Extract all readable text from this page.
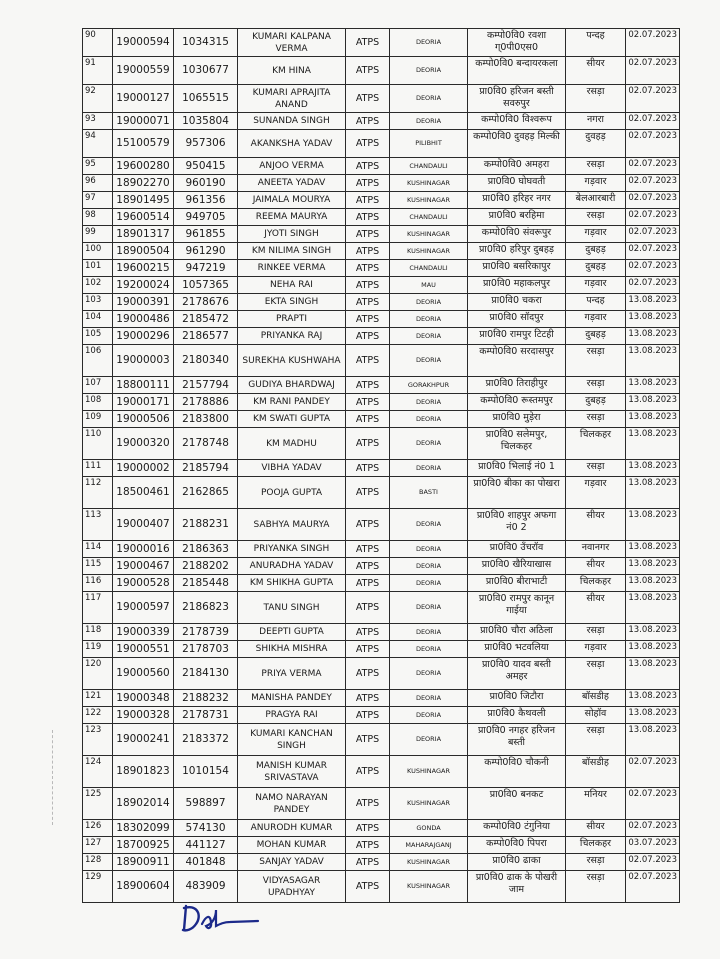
90	19000594	1034315	KUMARI KALPANA VERMA	ATPS	DEORIA	कम्पो0वि0 रवशा ग्0पी0एस0	पन्दह	02.07.2023
91	19000559	1030677	KM HINA	ATPS	DEORIA	कम्पो0वि0 बन्दायरकला	सीयर	02.07.2023
92	19000127	1065515	KUMARI APRAJITA ANAND	ATPS	DEORIA	प्रा0वि0 हरिजन बस्ती सवरुपुर	रसड़ा	02.07.2023
93	19000071	1035804	SUNANDA SINGH	ATPS	DEORIA	कम्पो0वि0 विश्वरूप	नगरा	02.07.2023
94	15100579	957306	AKANKSHA YADAV	ATPS	PILIBHIT	कम्पो0वि0 दुवहड़ मिल्की	दुवहड़	02.07.2023
95	19600280	950415	ANJOO VERMA	ATPS	CHANDAULI	कम्पो0वि0 अमहरा	रसड़ा	02.07.2023
96	18902270	960190	ANEETA YADAV	ATPS	KUSHINAGAR	प्रा0वि0 घोघवती	गड़वार	02.07.2023
97	18901495	961356	JAIMALA MOURYA	ATPS	KUSHINAGAR	प्रा0वि0 हरिहर नगर	बेलआरबारी	02.07.2023
98	19600514	949705	REEMA MAURYA	ATPS	CHANDAULI	प्रा0वि0 बरहिमा	रसड़ा	02.07.2023
99	18901317	961855	JYOTI SINGH	ATPS	KUSHINAGAR	कम्पो0वि0 संवरूपुर	गड़वार	02.07.2023
100	18900504	961290	KM NILIMA SINGH	ATPS	KUSHINAGAR	प्रा0वि0 हरिपुर दुबहड़	दुबहड़	02.07.2023
101	19600215	947219	RINKEE VERMA	ATPS	CHANDAULI	प्रा0वि0 बसरिकापुर	दुबहड़	02.07.2023
102	19200024	1057365	NEHA RAI	ATPS	MAU	प्रा0वि0 महाकलपुर	गड़वार	02.07.2023
103	19000391	2178676	EKTA SINGH	ATPS	DEORIA	प्रा0वि0 चकरा	पन्दह	13.08.2023
104	19000486	2185472	PRAPTI	ATPS	DEORIA	प्रा0वि0 सॉदपुर	गड़वार	13.08.2023
105	19000296	2186577	PRIYANKA RAJ	ATPS	DEORIA	प्रा0वि0 रामपुर टिटही	दुबहड़	13.08.2023
106	19000003	2180340	SUREKHA KUSHWAHA	ATPS	DEORIA	कम्पो0वि0 सरदासपुर	रसड़ा	13.08.2023
107	18800111	2157794	GUDIYA BHARDWAJ	ATPS	GORAKHPUR	प्रा0वि0 तिराहीपुर	रसड़ा	13.08.2023
108	19000171	2178886	KM RANI PANDEY	ATPS	DEORIA	कम्पो0वि0 रूस्तमपुर	दुबहड़	13.08.2023
109	19000506	2183800	KM SWATI GUPTA	ATPS	DEORIA	प्रा0वि0 मुड़ेरा	रसड़ा	13.08.2023
110	19000320	2178748	KM MADHU	ATPS	DEORIA	प्रा0वि0 सलेमपुर, चिलकहर	चिलकहर	13.08.2023
111	19000002	2185794	VIBHA YADAV	ATPS	DEORIA	प्रा0वि0 भिलाई नं0 1	रसड़ा	13.08.2023
112	18500461	2162865	POOJA GUPTA	ATPS	BASTI	प्रा0वि0 बीका का पोखरा	गड़वार	13.08.2023
113	19000407	2188231	SABHYA MAURYA	ATPS	DEORIA	प्रा0वि0 शाहपुर अफगा नं0 2	सीयर	13.08.2023
114	19000016	2186363	PRIYANKA SINGH	ATPS	DEORIA	प्रा0वि0 उँचरॉव	नवानगर	13.08.2023
115	19000467	2188202	ANURADHA YADAV	ATPS	DEORIA	प्रा0वि0 खैरियाखास	सीयर	13.08.2023
116	19000528	2185448	KM SHIKHA GUPTA	ATPS	DEORIA	प्रा0वि0 बीराभाटी	चिलकहर	13.08.2023
117	19000597	2186823	TANU SINGH	ATPS	DEORIA	प्रा0वि0 रामपुर कानून गाईया	सीयर	13.08.2023
118	19000339	2178739	DEEPTI GUPTA	ATPS	DEORIA	प्रा0वि0 चौरा अठिला	रसड़ा	13.08.2023
119	19000551	2178703	SHIKHA MISHRA	ATPS	DEORIA	प्रा0वि0 भटवलिया	गड़वार	13.08.2023
120	19000560	2184130	PRIYA VERMA	ATPS	DEORIA	प्रा0वि0 यादव बस्ती अमहर	रसड़ा	13.08.2023
121	19000348	2188232	MANISHA PANDEY	ATPS	DEORIA	प्रा0वि0 जिटौरा	बॉसडीह	13.08.2023
122	19000328	2178731	PRAGYA RAI	ATPS	DEORIA	प्रा0वि0 कैथवली	सोहॉव	13.08.2023
123	19000241	2183372	KUMARI KANCHAN SINGH	ATPS	DEORIA	प्रा0वि0 नगहर हरिजन बस्ती	रसड़ा	13.08.2023
124	18901823	1010154	MANISH KUMAR SRIVASTAVA	ATPS	KUSHINAGAR	कम्पो0वि0 चौकनी	बॉसडीह	02.07.2023
125	18902014	598897	NAMO NARAYAN PANDEY	ATPS	KUSHINAGAR	प्रा0वि0 बनकट	मनियर	02.07.2023
126	18302099	574130	ANURODH KUMAR	ATPS	GONDA	कम्पो0वि0 टंगुनिया	सीयर	02.07.2023
127	18700925	441127	MOHAN KUMAR	ATPS	MAHARAJGANJ	कम्पो0वि0 पिपरा	चिलकहर	03.07.2023
128	18900911	401848	SANJAY YADAV	ATPS	KUSHINAGAR	प्रा0वि0 ढाका	रसड़ा	02.07.2023
129	18900604	483909	VIDYASAGAR UPADHYAY	ATPS	KUSHINAGAR	प्रा0वि0 ढाक के पोखरी जाम	रसड़ा	02.07.2023
